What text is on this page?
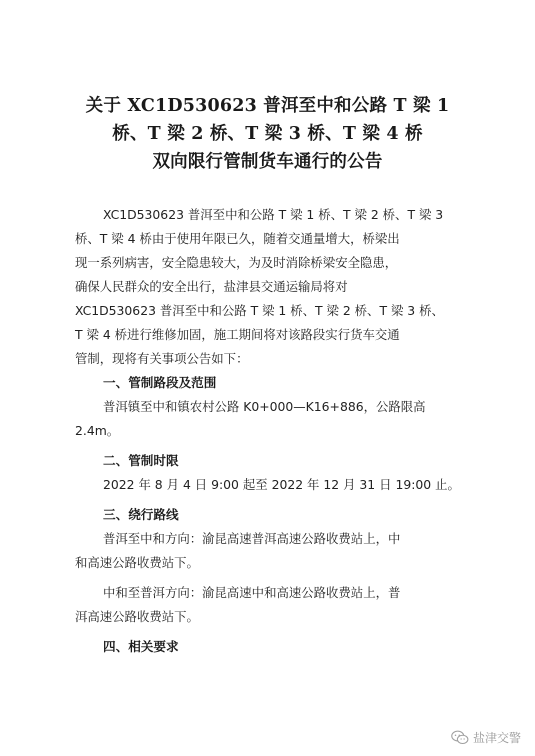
关于 XC1D530623 普洱至中和公路 T 梁 1
桥、T 梁 2 桥、T 梁 3 桥、T 梁 4 桥
双向限行管制货车通行的公告
XC1D530623 普洱至中和公路 T 梁 1 桥、T 梁 2 桥、T 梁 3
桥、T 梁 4 桥由于使用年限已久，随着交通量增大，桥梁出
现一系列病害，安全隐患较大，为及时消除桥梁安全隐患，
确保人民群众的安全出行，盐津县交通运输局将对
XC1D530623 普洱至中和公路 T 梁 1 桥、T 梁 2 桥、T 梁 3 桥、
T 梁 4 桥进行维修加固，施工期间将对该路段实行货车交通
管制，现将有关事项公告如下：
一、管制路段及范围
普洱镇至中和镇农村公路 K0+000—K16+886，公路限高
2.4m。
二、管制时限
2022 年 8 月 4 日 9:00 起至 2022 年 12 月 31 日 19:00 止。
三、绕行路线
普洱至中和方向：渝昆高速普洱高速公路收费站上，中
和高速公路收费站下。
中和至普洱方向：渝昆高速中和高速公路收费站上，普
洱高速公路收费站下。
四、相关要求
盐津交警
